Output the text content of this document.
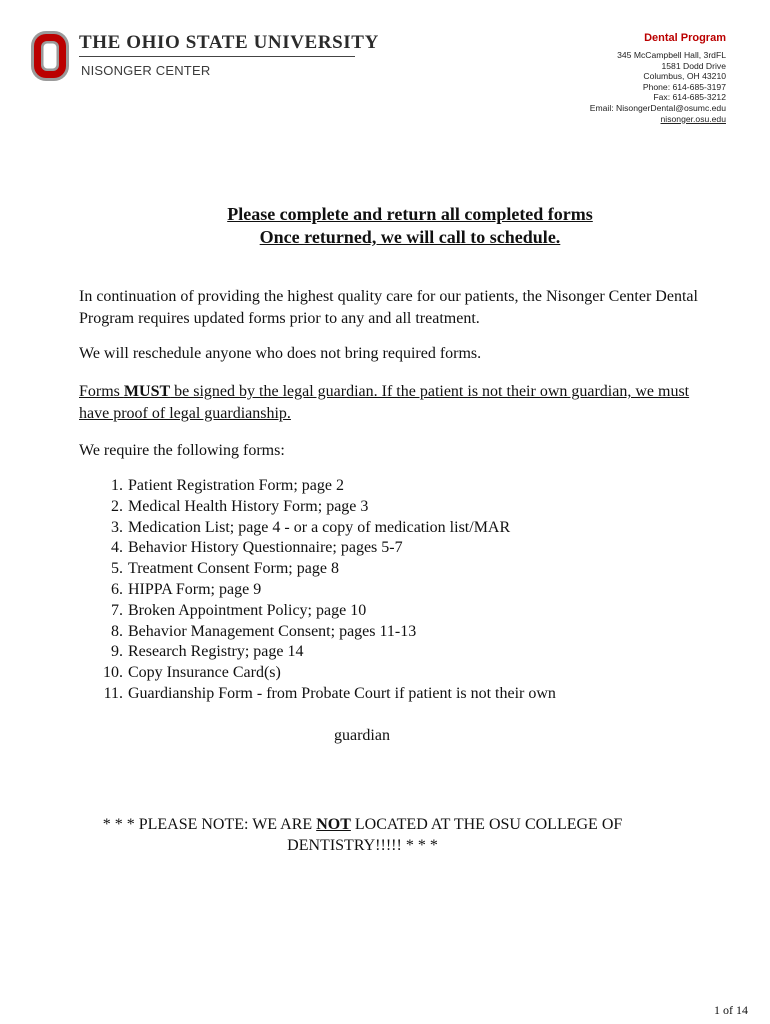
THE OHIO STATE UNIVERSITY
NISONGER CENTER
Dental Program
345 McCampbell Hall, 3rdFL
1581 Dodd Drive
Columbus, OH 43210
Phone: 614-685-3197
Fax: 614-685-3212
Email: NisongerDental@osumc.edu
nisonger.osu.edu
Please complete and return all completed forms
Once returned, we will call to schedule.
In continuation of providing the highest quality care for our patients, the Nisonger Center Dental Program requires updated forms prior to any and all treatment.
We will reschedule anyone who does not bring required forms.
Forms MUST be signed by the legal guardian. If the patient is not their own guardian, we must have proof of legal guardianship.
We require the following forms:
1. Patient Registration Form; page 2
2. Medical Health History Form; page 3
3. Medication List; page 4 - or a copy of medication list/MAR
4. Behavior History Questionnaire; pages 5-7
5. Treatment Consent Form; page 8
6. HIPPA Form; page 9
7. Broken Appointment Policy; page 10
8. Behavior Management Consent; pages 11-13
9. Research Registry; page 14
10. Copy Insurance Card(s)
11. Guardianship Form - from Probate Court if patient is not their own
guardian
* * * PLEASE NOTE: WE ARE NOT LOCATED AT THE OSU COLLEGE OF DENTISTRY!!!!! * * *
1 of 14
